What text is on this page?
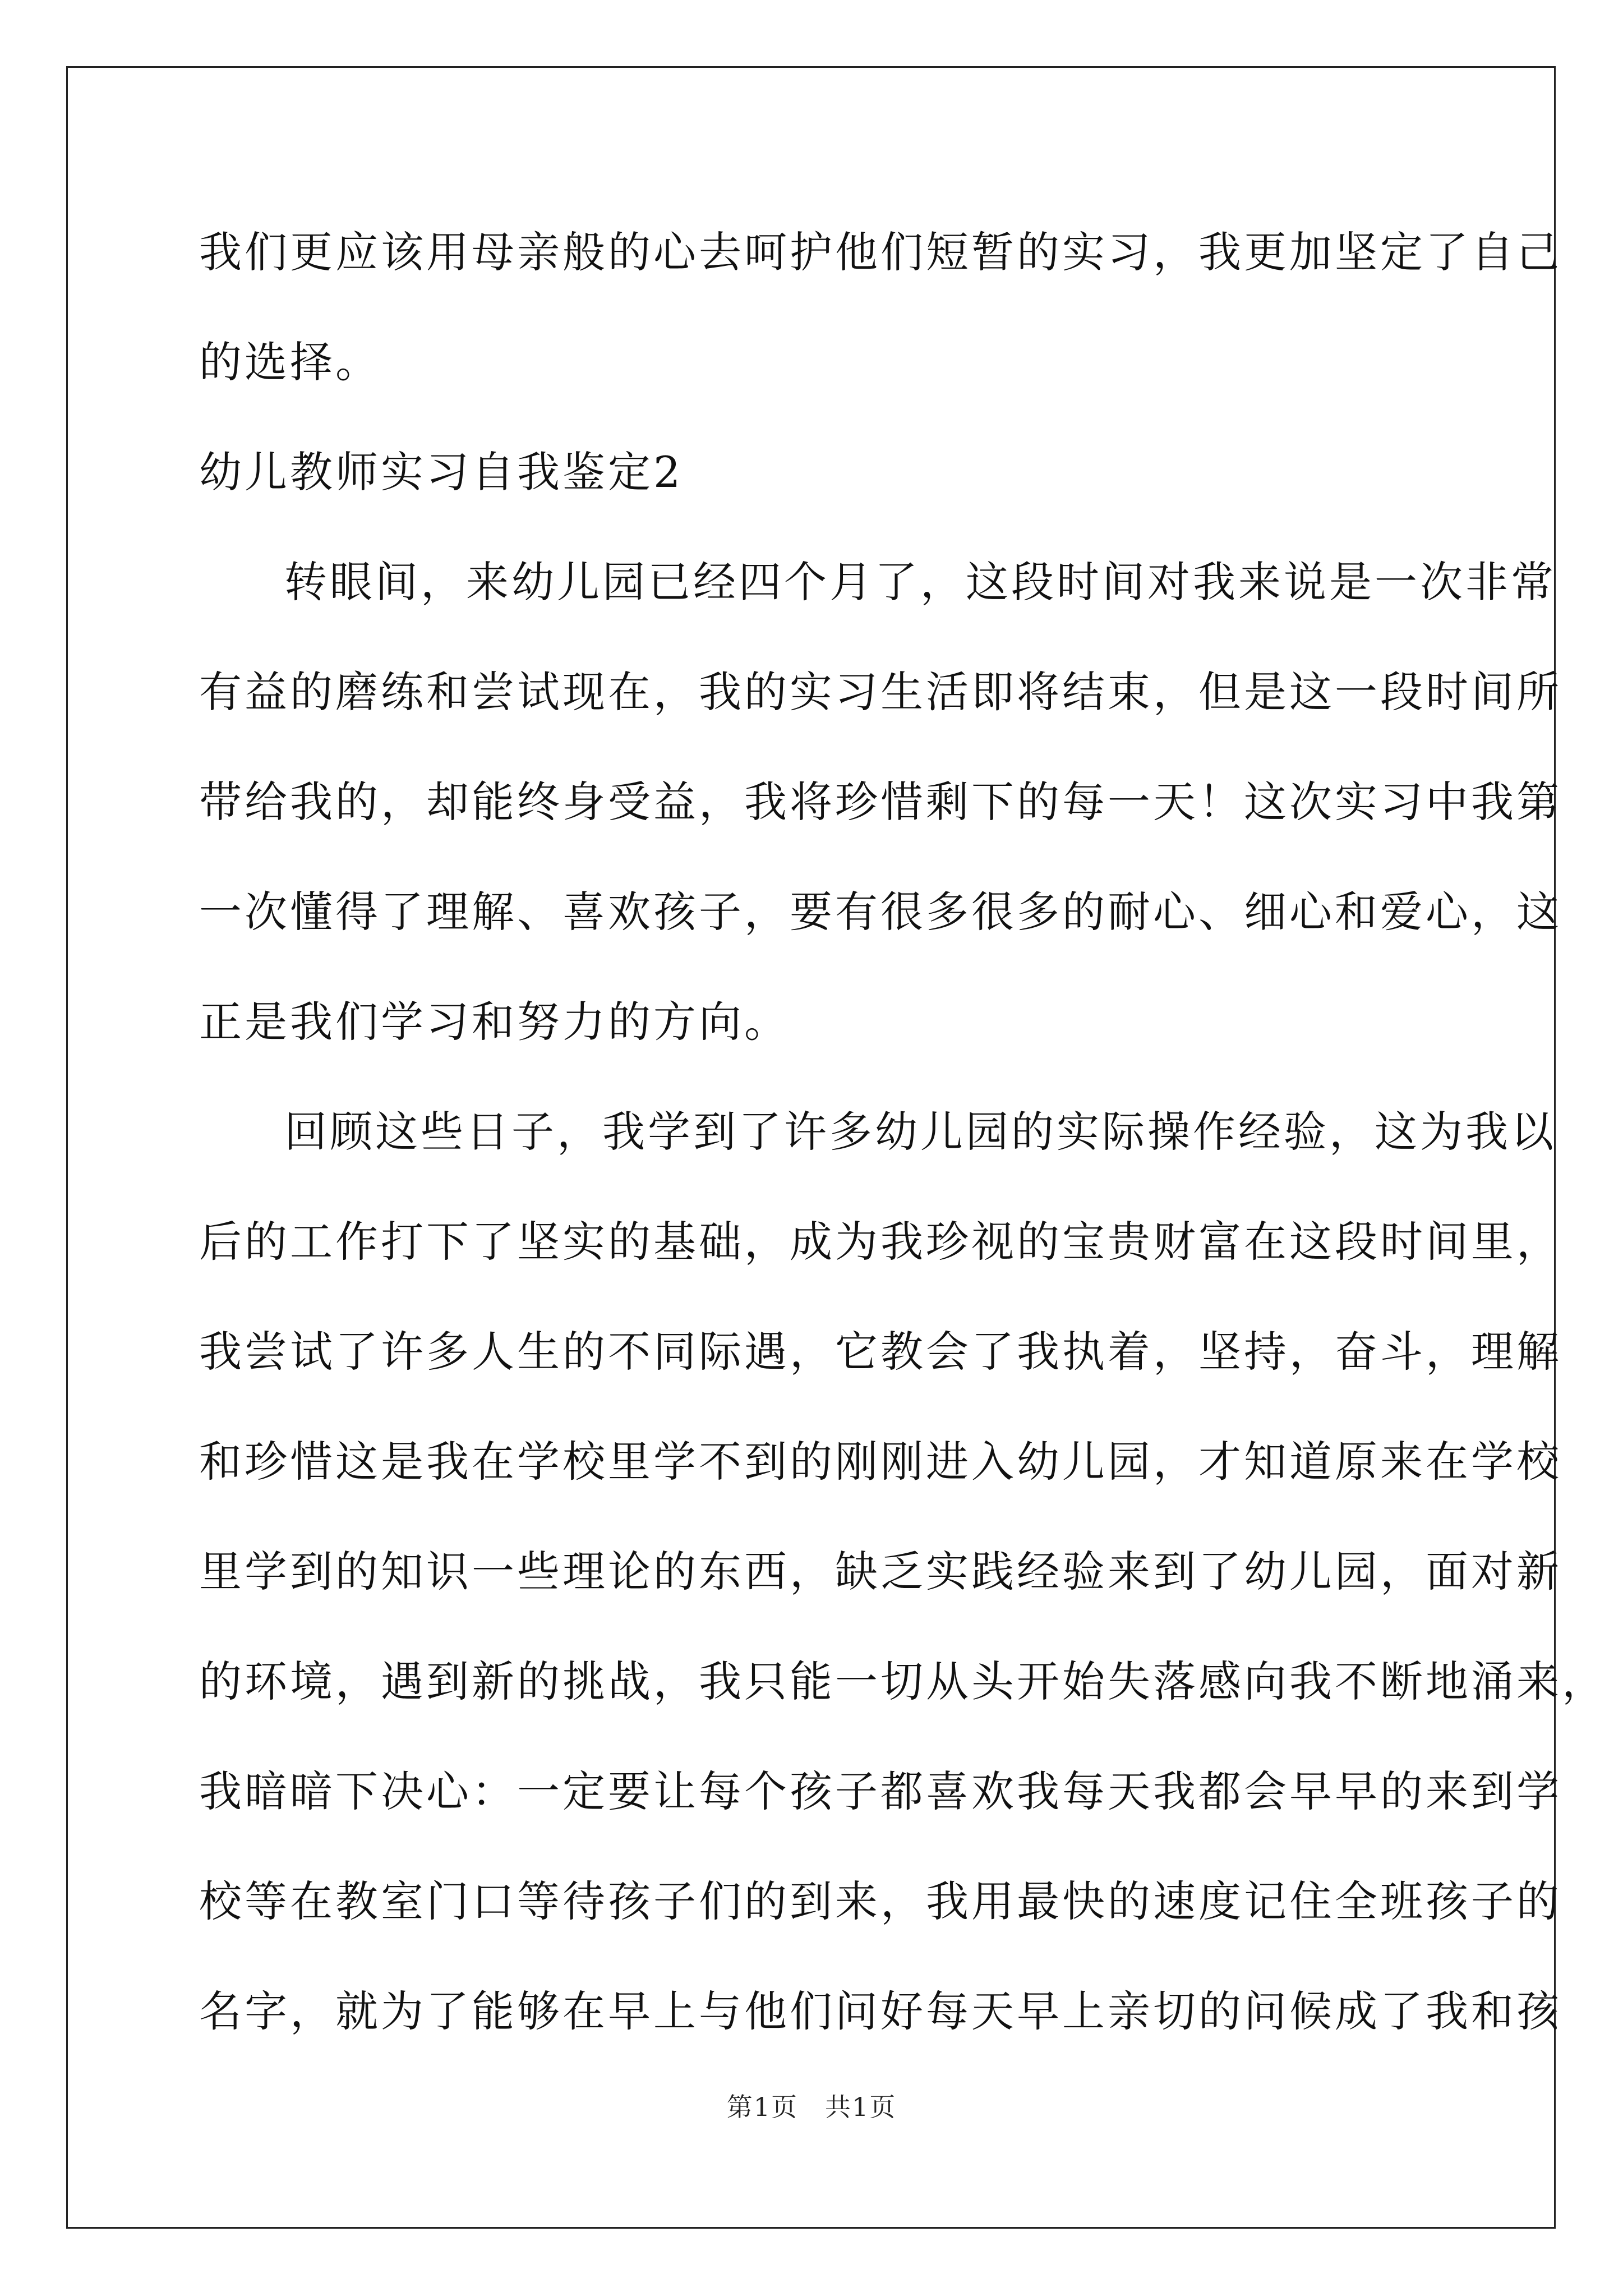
我们更应该用母亲般的心去呵护他们短暂的实习，我更加坚定了自己
的选择。
幼儿教师实习自我鉴定2
转眼间，来幼儿园已经四个月了，这段时间对我来说是一次非常
有益的磨练和尝试现在，我的实习生活即将结束，但是这一段时间所
带给我的，却能终身受益，我将珍惜剩下的每一天！这次实习中我第
一次懂得了理解、喜欢孩子，要有很多很多的耐心、细心和爱心，这
正是我们学习和努力的方向。
回顾这些日子，我学到了许多幼儿园的实际操作经验，这为我以
后的工作打下了坚实的基础，成为我珍视的宝贵财富在这段时间里，
我尝试了许多人生的不同际遇，它教会了我执着，坚持，奋斗，理解
和珍惜这是我在学校里学不到的刚刚进入幼儿园，才知道原来在学校
里学到的知识一些理论的东西，缺乏实践经验来到了幼儿园，面对新
的环境，遇到新的挑战，我只能一切从头开始失落感向我不断地涌来，
我暗暗下决心：一定要让每个孩子都喜欢我每天我都会早早的来到学
校等在教室门口等待孩子们的到来，我用最快的速度记住全班孩子的
名字，就为了能够在早上与他们问好每天早上亲切的问候成了我和孩
第1页　共1页
